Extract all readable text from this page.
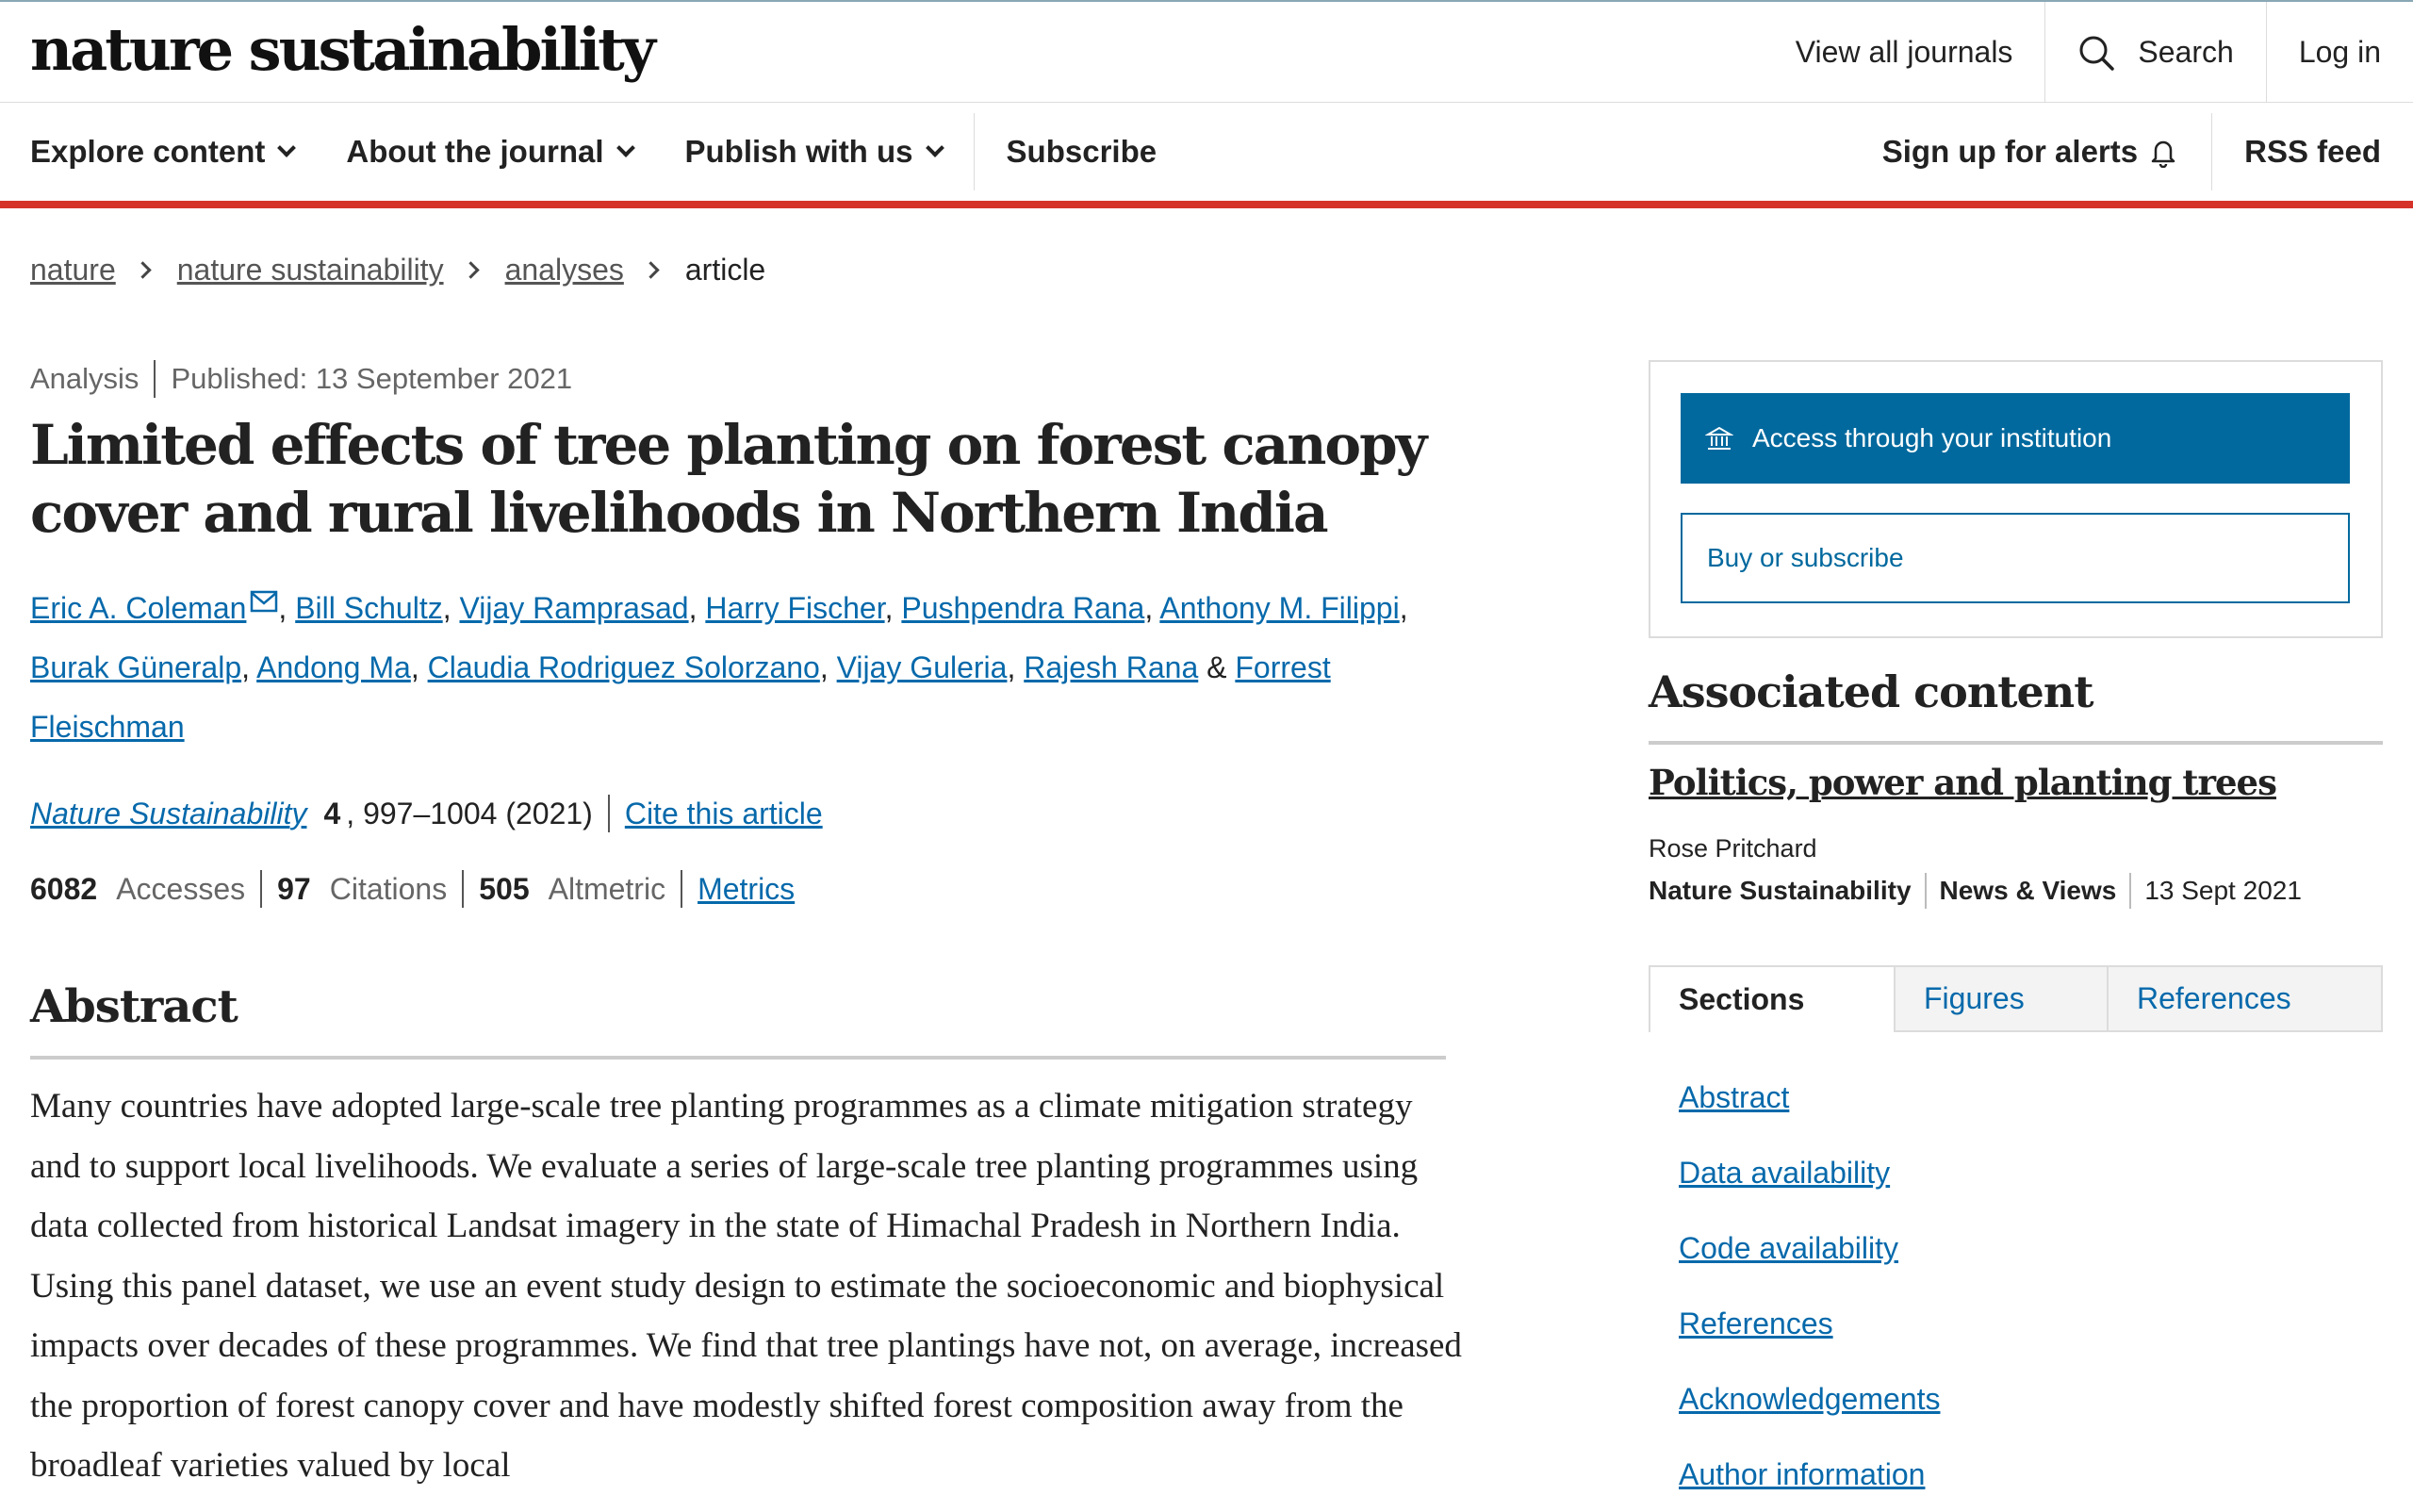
nature sustainability	View all journals	Search	Log in
Explore content	About the journal	Publish with us	Subscribe	Sign up for alerts	RSS feed
nature nature sustainability analyses article
Analysis Published: 13 September 2021
Limited effects of tree planting on forest canopy cover and rural livelihoods in Northern India
Eric A. Coleman , Bill Schultz, Vijay Ramprasad, Harry Fischer, Pushpendra Rana, Anthony M. Filippi, Burak Güneralp, Andong Ma, Claudia Rodriguez Solorzano, Vijay Guleria, Rajesh Rana & Forrest Fleischman
Nature Sustainability 4 , 997–1004 (2021) Cite this article
6082 Accesses 97 Citations 505 Altmetric Metrics
Abstract

Many countries have adopted large-scale tree planting programmes as a climate mitigation strategy and to support local livelihoods. We evaluate a series of large-scale tree planting programmes using data collected from historical Landsat imagery in the state of Himachal Pradesh in Northern India. Using this panel dataset, we use an event study design to estimate the socioeconomic and biophysical impacts over decades of these programmes. We find that tree plantings have not, on average, increased the proportion of forest canopy cover and have modestly shifted forest composition away from the broadleaf varieties valued by local

Access through your institution
Buy or subscribe
Associated content
Politics, power and planting trees
Rose Pritchard
Nature Sustainability News & Views 13 Sept 2021
Sections	Figures	References
Abstract
Data availability
Code availability
References
Acknowledgements
Author information
